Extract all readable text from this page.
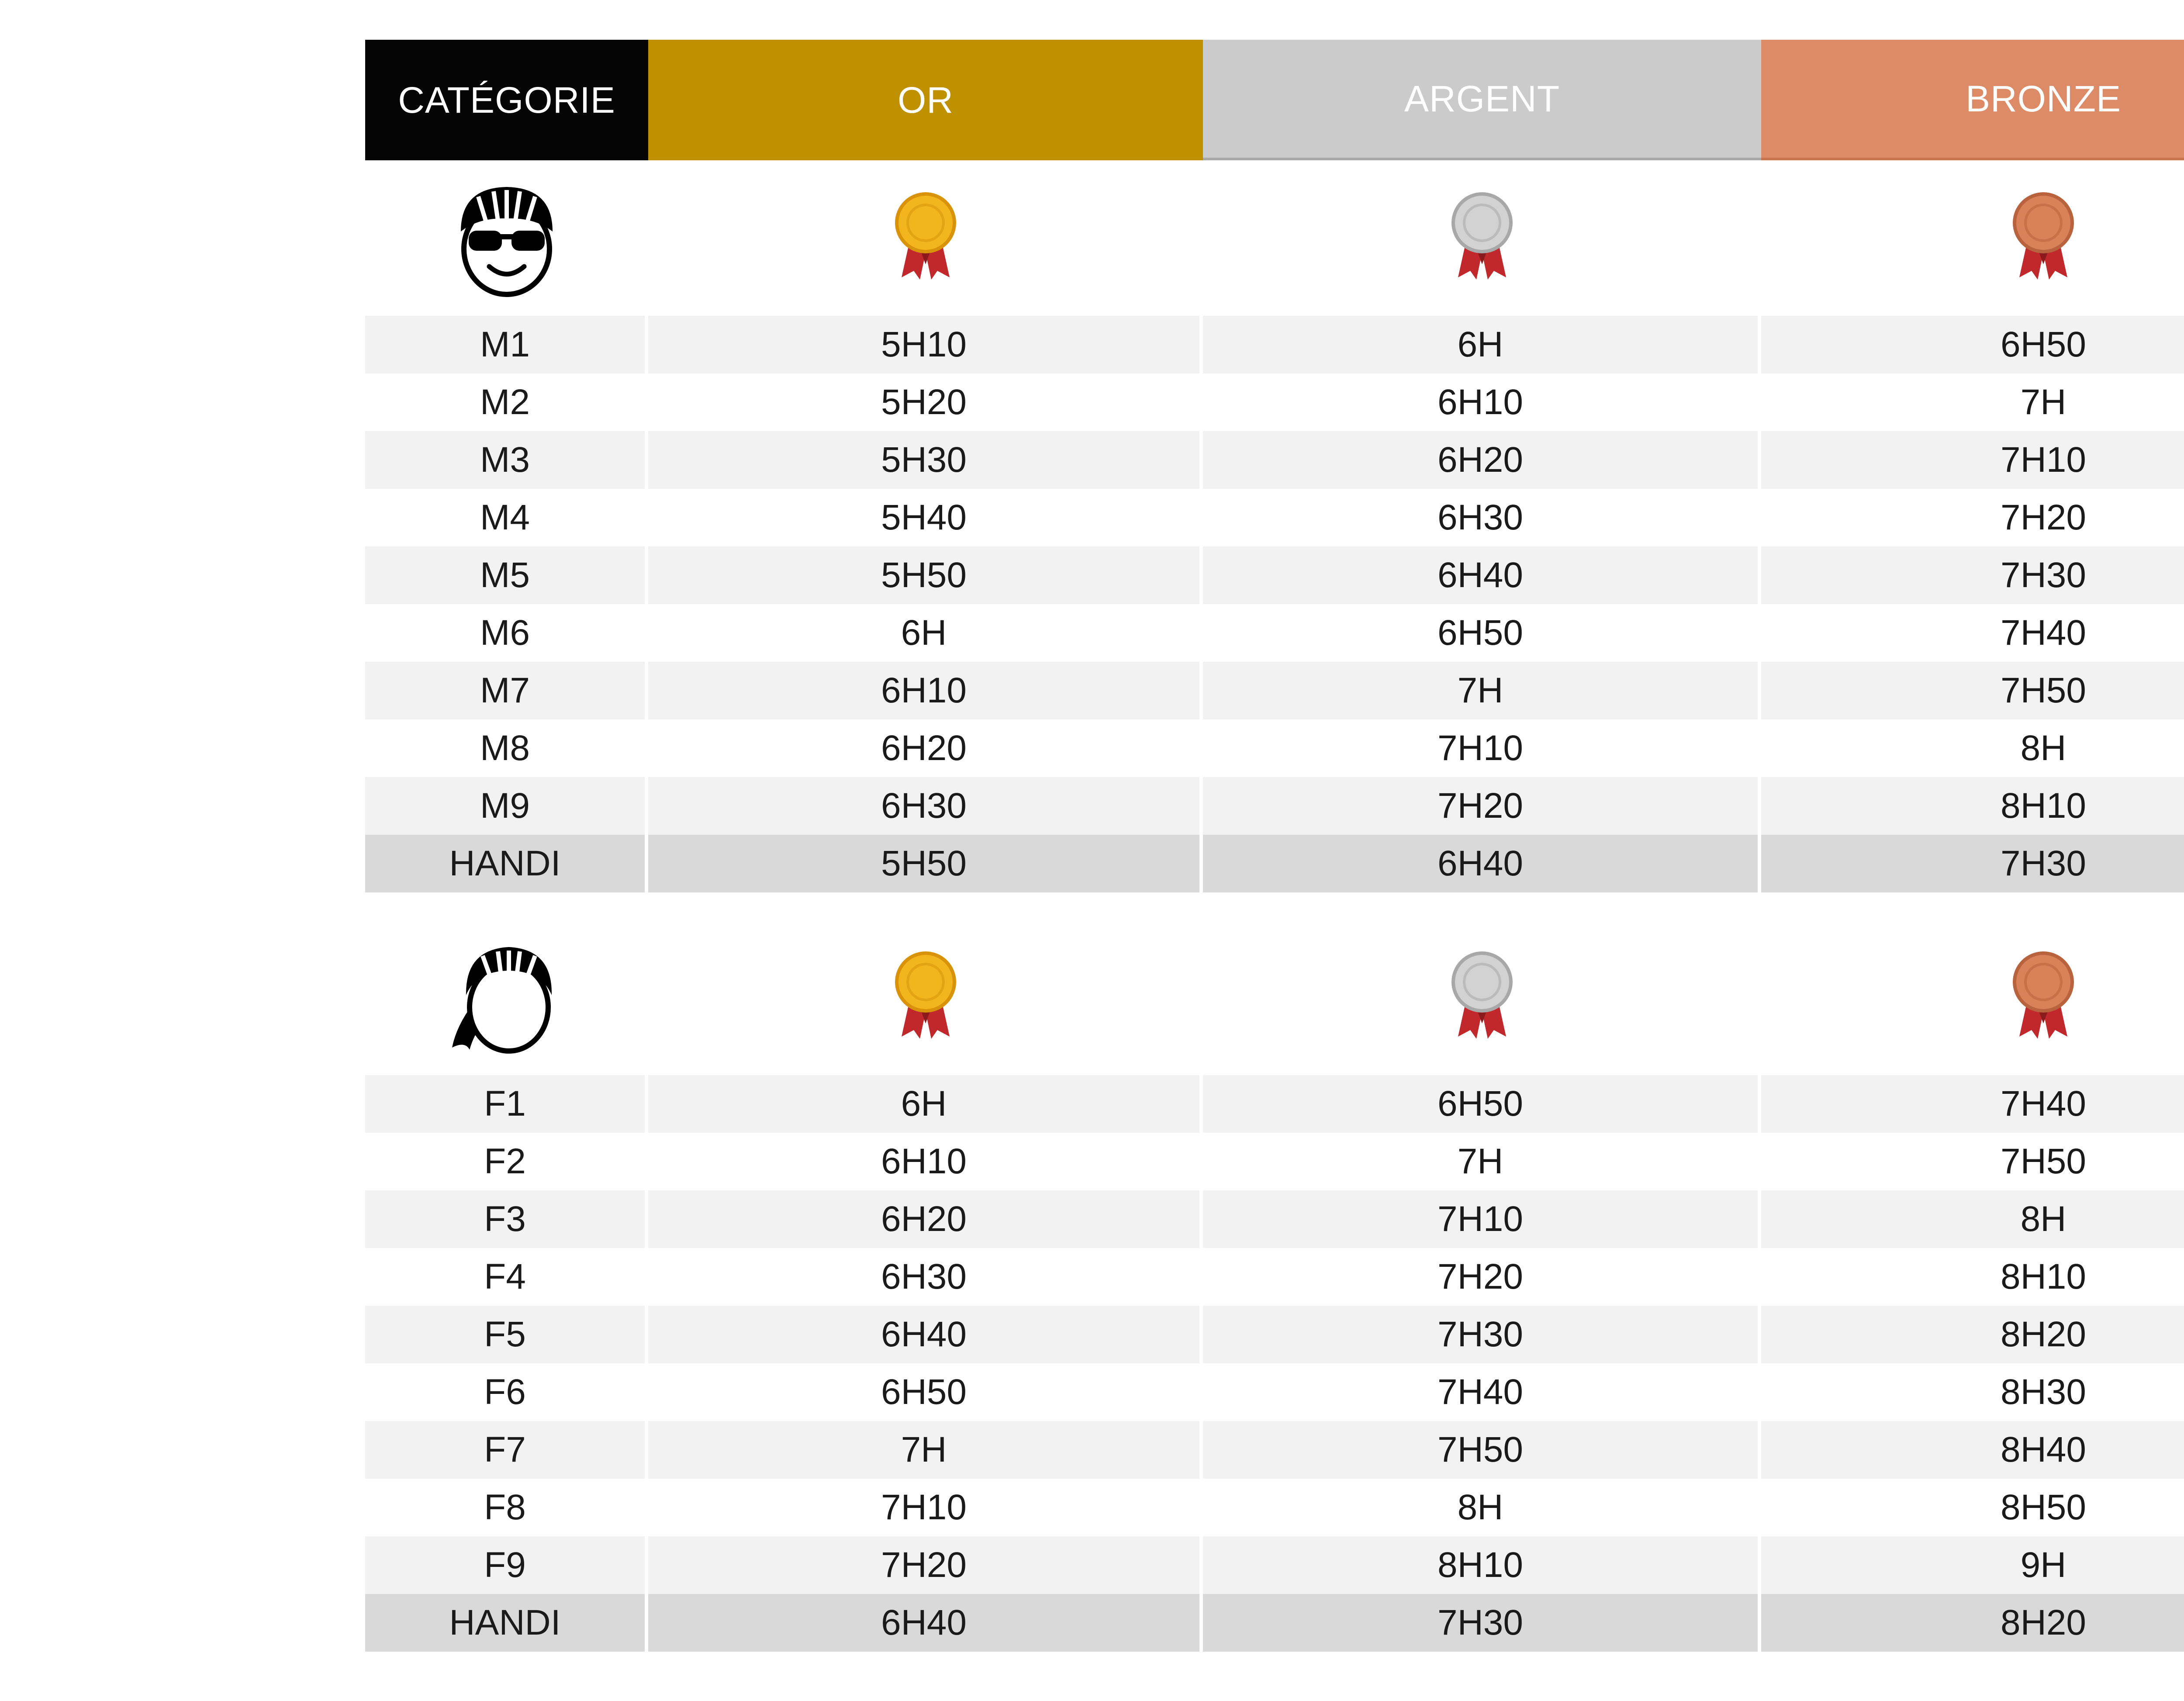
CATÉGORIE	OR	ARGENT	BRONZE
M1	5H10	6H	6H50
M2	5H20	6H10	7H
M3	5H30	6H20	7H10
M4	5H40	6H30	7H20
M5	5H50	6H40	7H30
M6	6H	6H50	7H40
M7	6H10	7H	7H50
M8	6H20	7H10	8H
M9	6H30	7H20	8H10
HANDI	5H50	6H40	7H30
F1	6H	6H50	7H40
F2	6H10	7H	7H50
F3	6H20	7H10	8H
F4	6H30	7H20	8H10
F5	6H40	7H30	8H20
F6	6H50	7H40	8H30
F7	7H	7H50	8H40
F8	7H10	8H	8H50
F9	7H20	8H10	9H
HANDI	6H40	7H30	8H20
